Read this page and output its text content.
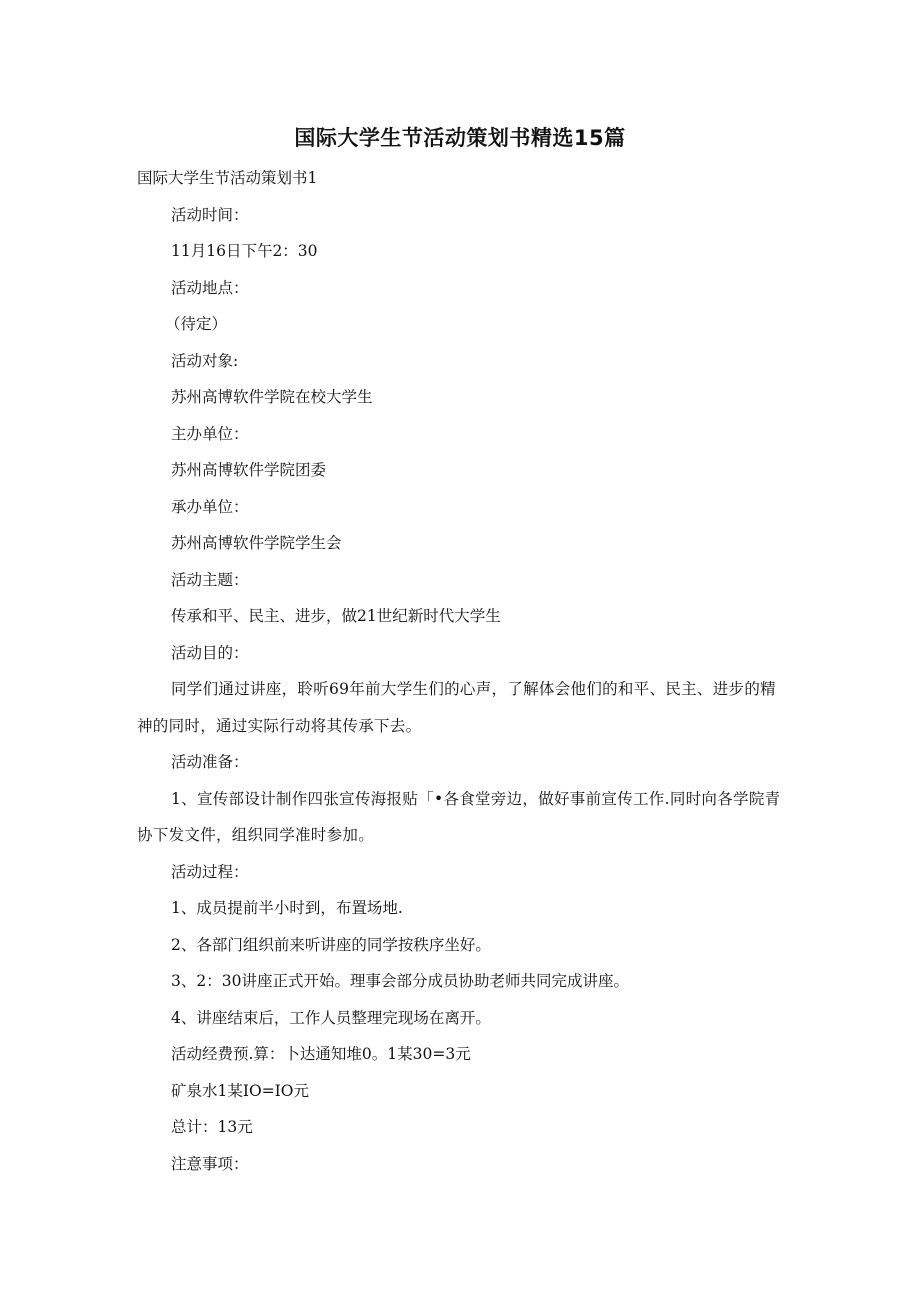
国际大学生节活动策划书精选15篇

国际大学生节活动策划书1

活动时间：

11月16日下午2：30

活动地点：

（待定）

活动对象:

苏州高博软件学院在校大学生

主办单位：

苏州高博软件学院团委

承办单位：

苏州高博软件学院学生会

活动主题：

传承和平、民主、进步，做21世纪新时代大学生

活动目的：

同学们通过讲座，聆听69年前大学生们的心声，了解体会他们的和平、民主、进步的精神的同时，通过实际行动将其传承下去。

活动准备：

1、宣传部设计制作四张宣传海报贴「•各食堂旁边，做好事前宣传工作.同时向各学院青协下发文件，组织同学准时参加。

活动过程：

1、成员提前半小时到，布置场地.

2、各部门组织前来听讲座的同学按秩序坐好。

3、2：30讲座正式开始。理事会部分成员协助老师共同完成讲座。

4、讲座结束后，工作人员整理完现场在离开。

活动经费预.算：卜达通知堆0。1某30=3元

矿泉水1某IO=IO元

总计：13元

注意事项：
